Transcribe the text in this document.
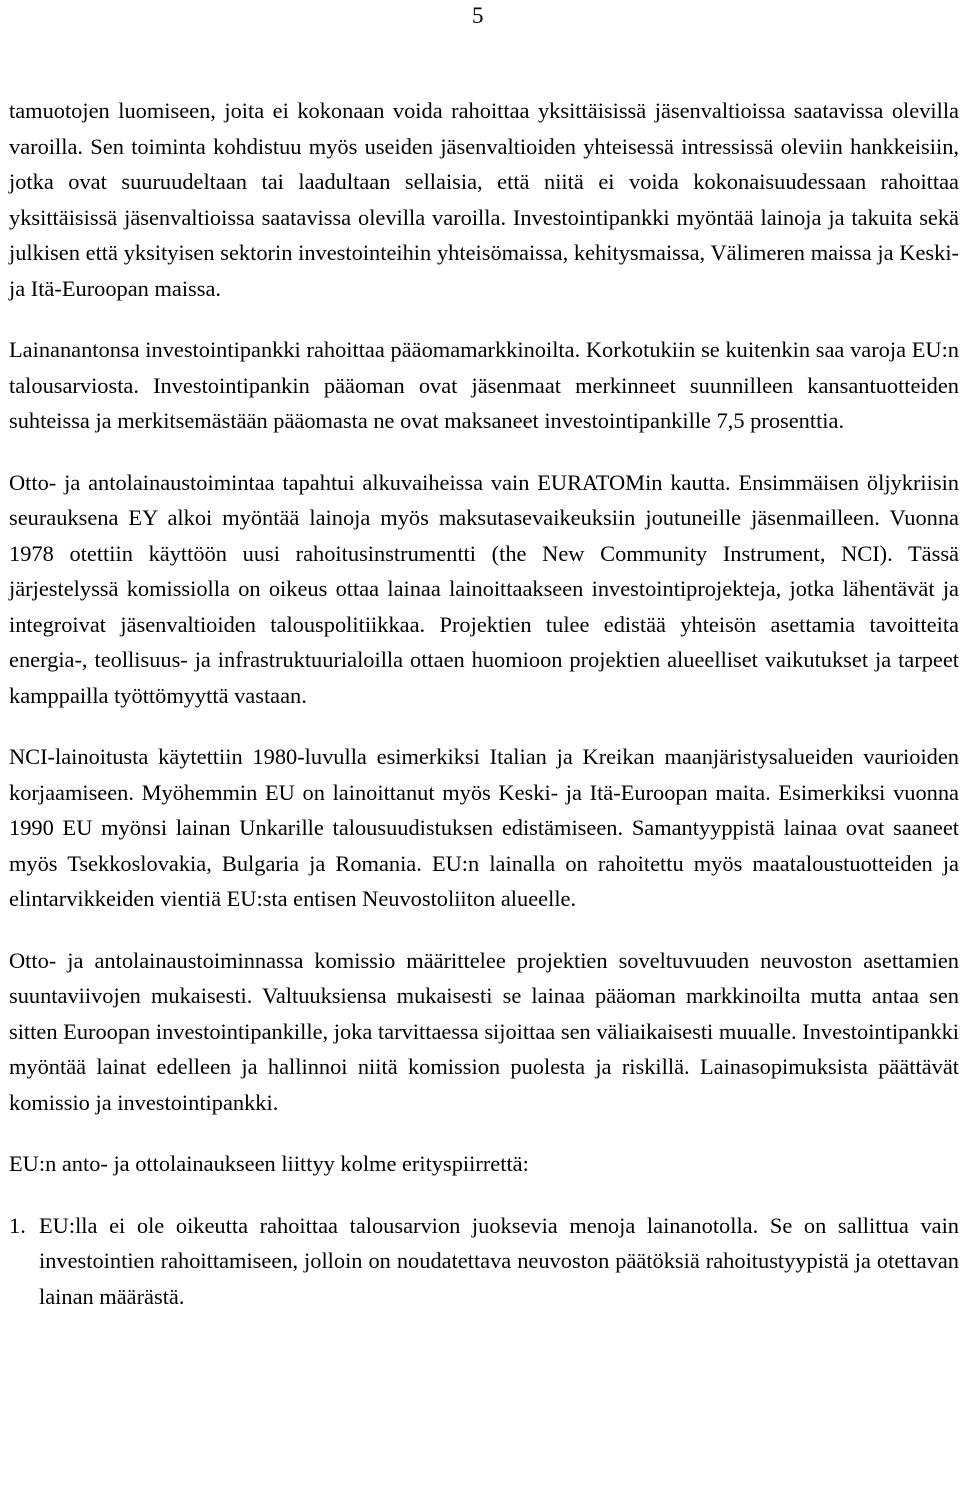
5

tamuotojen luomiseen, joita ei kokonaan voida rahoittaa yksittäisissä jäsenvaltioissa saatavissa olevilla varoilla. Sen toiminta kohdistuu myös useiden jäsenvaltioiden yhteisessä intressissä oleviin hankkeisiin, jotka ovat suuruudeltaan tai laadultaan sellaisia, että niitä ei voida kokonaisuudessaan rahoittaa yksittäisissä jäsenvaltioissa saatavissa olevilla varoilla. Investointipankki myöntää lainoja ja takuita sekä julkisen että yksityisen sektorin investointeihin yhteisömaissa, kehitysmaissa, Välimeren maissa ja Keski- ja Itä-Euroopan maissa.

Lainanantonsa investointipankki rahoittaa pääomamarkkinoilta. Korkotukiin se kuitenkin saa varoja EU:n talousarviosta. Investointipankin pääoman ovat jäsenmaat merkinneet suunnilleen kansantuotteiden suhteissa ja merkitsemästään pääomasta ne ovat maksaneet investointipankille 7,5 prosenttia.

Otto- ja antolainaustoimintaa tapahtui alkuvaiheissa vain EURATOMin kautta. Ensimmäisen öljykriisin seurauksena EY alkoi myöntää lainoja myös maksutasevaikeuksiin joutuneille jäsenmailleen. Vuonna 1978 otettiin käyttöön uusi rahoitusinstrumentti (the New Community Instrument, NCI). Tässä järjestelyssä komissiolla on oikeus ottaa lainaa lainoittaakseen investointiprojekteja, jotka lähentävät ja integroivat jäsenvaltioiden talouspolitiikkaa. Projektien tulee edistää yhteisön asettamia tavoitteita energia-, teollisuus- ja infrastruktuurialoilla ottaen huomioon projektien alueelliset vaikutukset ja tarpeet kamppailla työttömyyttä vastaan.

NCI-lainoitusta käytettiin 1980-luvulla esimerkiksi Italian ja Kreikan maanjäristysalueiden vaurioiden korjaamiseen. Myöhemmin EU on lainoittanut myös Keski- ja Itä-Euroopan maita. Esimerkiksi vuonna 1990 EU myönsi lainan Unkarille talousuudistuksen edistämiseen. Samantyyppistä lainaa ovat saaneet myös Tsekkoslovakia, Bulgaria ja Romania. EU:n lainalla on rahoitettu myös maataloustuotteiden ja elintarvikkeiden vientiä EU:sta entisen Neuvostoliiton alueelle.

Otto- ja antolainaustoiminnassa komissio määrittelee projektien soveltuvuuden neuvoston asettamien suuntaviivojen mukaisesti. Valtuuksiensa mukaisesti se lainaa pääoman markkinoilta mutta antaa sen sitten Euroopan investointipankille, joka tarvittaessa sijoittaa sen väliaikaisesti muualle. Investointipankki myöntää lainat edelleen ja hallinnoi niitä komission puolesta ja riskillä. Lainasopimuksista päättävät komissio ja investointipankki.

EU:n anto- ja ottolainaukseen liittyy kolme erityspiirrettä:

1. EU:lla ei ole oikeutta rahoittaa talousarvion juoksevia menoja lainanotolla. Se on sallittua vain investointien rahoittamiseen, jolloin on noudatettava neuvoston päätöksiä rahoitustyypistä ja otettavan lainan määrästä.
